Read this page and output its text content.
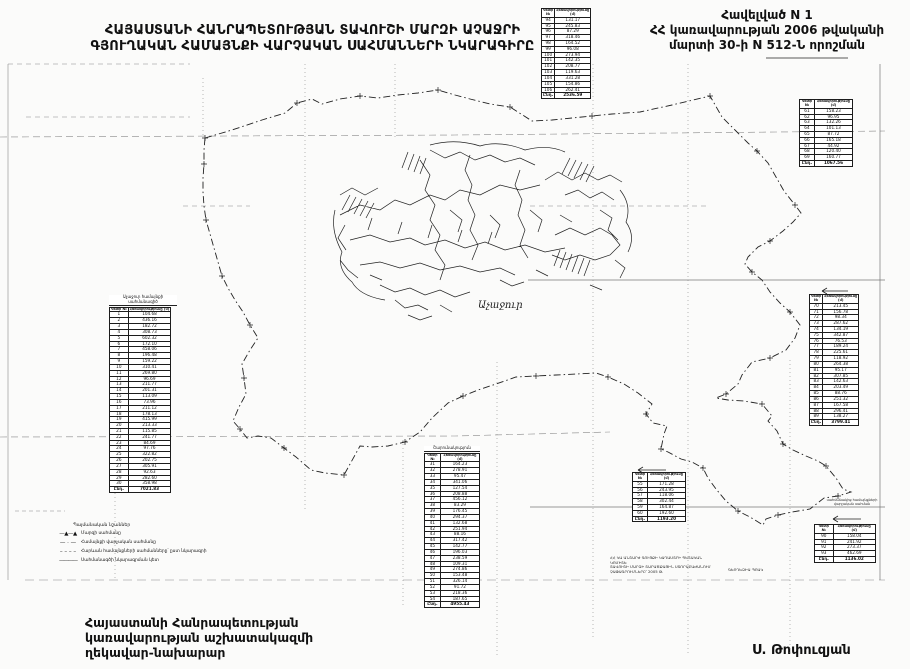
ՀԱՅԱՍՏԱՆԻ ՀԱՆՐԱՊԵՏՈՒԹՅԱՆ ՏԱՎՈՒՇԻ ՄԱՐԶԻ ԱՉԱՋՐԻ
ԳՅՈՒՂԱԿԱՆ ՀԱՄԱՅՆՔԻ ՎԱՐՉԱԿԱՆ ՍԱՀՄԱՆՆԵՐԻ ՆԿԱՐԱԳԻՐԸ
Հավելված N 1
ՀՀ կառավարության 2006 թվականի
մարտի 30-ի N 512-Ն որոշման
Աչաջուր
սահմանակից համայնքների
վարչական սահման
ՀՀ ԿԱ ԱՆՇԱՐԺ ԳՈՒՅՔԻ ԿԱԴԱՍՏՐԻ ՊԵՏԱԿԱՆ ԿՈՄԻՏԵ
ՏԱՎՈՒՇԻ ՄԱՐԶԻ ՏԱՐԱԾՔԱՅԻՆ ՍՏՈՐԱԲԱԺԱՆՈՒՄ
ՉԱՓԱԳՐՈՒՄՆԵՐԸ՝ 2005 Թ.	ԳԵՈԴԵԶԻԱ ՊՈԱԿ
Հայաստանի Հանրապետության
կառավարության աշխատակազմի
ղեկավար-նախարար	Ս. Թոփուզյան
Պայմանական նշաններ
—▲—▲
Մարզի սահմանը
— · —
Համայնքի վարչական սահմանը
– – – –
Հարևան համայնքների սահմանները՝ ըստ նկարագրի
————
Սահմանագծի նկարագրման կետ
Կետի №	Հեռավորությունը (մ)
94	131.17
95	245.83
96	87.29
97	318.46
98	164.52
99	96.08
100	273.94
101	142.35
102	208.77
103	119.63
104	331.28
105	154.86
106	262.41
Ընդ.	2536.59
Կետի №	Հեռավորությունը (մ)
61	158.23
62	96.95
63	132.26
64	101.13
65	87.72
66	165.18
67	44.92
68	120.40
69	160.77
Ընդ.	1067.56
Աչաջուր համայնքի սահմանագիծ
Կետի №	Հեռավորությունը (մ)
1	104.68
2	436.16
3	182.72
4	308.73
5	602.32
6	172.10
7	458.06
8	196.48
9	159.22
10	310.41
11	269.80
12	96.69
13	211.77
14	201.31
15	113.09
16	73.96
17	211.12
18	178.13
19	415.99
20	213.33
21	115.85
22	241.77
23	84.69
24	97.76
25	322.82
26	202.75
27	305.91
28	92.63
29	282.60
30	358.98
Ընդ.	7021.83
Կետի №	Հեռավորությունը (մ)
70	213.45
71	156.78
72	98.34
73	287.62
74	134.19
75	342.87
76	76.53
77	189.24
78	225.61
79	118.92
80	264.38
81	95.17
82	307.85
83	142.63
84	203.49
85	88.76
86	251.32
87	167.58
88	296.41
89	138.27
Ընդ.	3799.41
Շարունակություն
Կետի №	Հեռավորությունը (մ)
31	164.23
32	278.91
33	95.47
34	341.06
35	127.54
36	208.88
37	456.12
38	83.29
39	176.45
40	294.37
41	132.68
42	251.94
43	88.16
44	317.42
45	142.77
46	196.03
47	238.59
48	109.31
49	274.86
50	153.48
51	326.14
52	91.72
53	218.36
54	187.65
Ընդ.	4955.43
Կետի №	Հեռավորությունը (մ)
55	171.28
56	243.95
57	118.06
58	302.44
59	164.87
60	192.60
Ընդ.	1193.20
Կետի №	Հեռավորությունը (մ)
90	158.04
91	241.92
92	273.37
93	462.69
Ընդ.	1136.02
